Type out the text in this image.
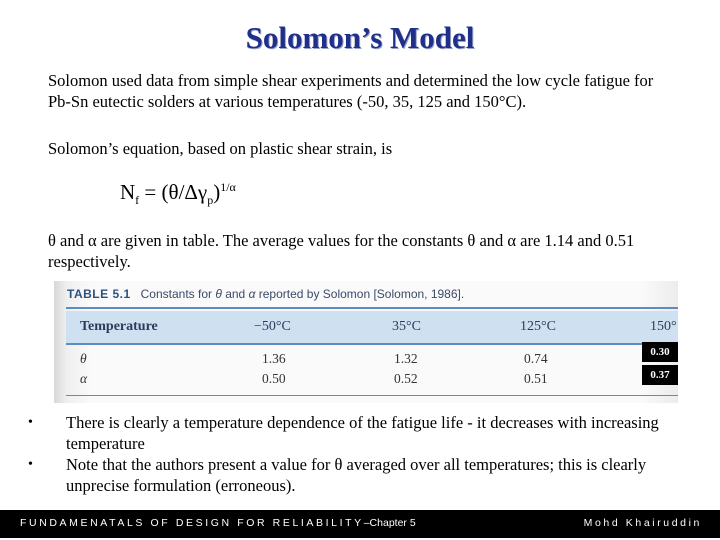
Solomon’s Model
Solomon used data from simple shear experiments and determined the low cycle fatigue for Pb-Sn eutectic solders at various temperatures (-50, 35, 125 and 150°C).
Solomon’s equation, based on plastic shear strain, is
$N_f = (\theta/\Delta\gamma_p)^{1/\alpha}$
θ and α are given in table. The average values for the constants θ and α are 1.14 and 0.51 respectively.
TABLE 5.1 Constants for θ and α reported by Solomon [Solomon, 1986].
Temperature	−50°C	35°C	125°C	150°
θ	1.36	1.32	0.74	0.30
α	0.50	0.52	0.51	0.37
• There is clearly a temperature dependence of the fatigue life - it decreases with increasing temperature
• Note that the authors present a value for θ averaged over all temperatures; this is clearly unprecise formulation (erroneous).
FUNDAMENATALS OF DESIGN FOR RELIABILITY–Chapter 5	Mohd Khairuddin
